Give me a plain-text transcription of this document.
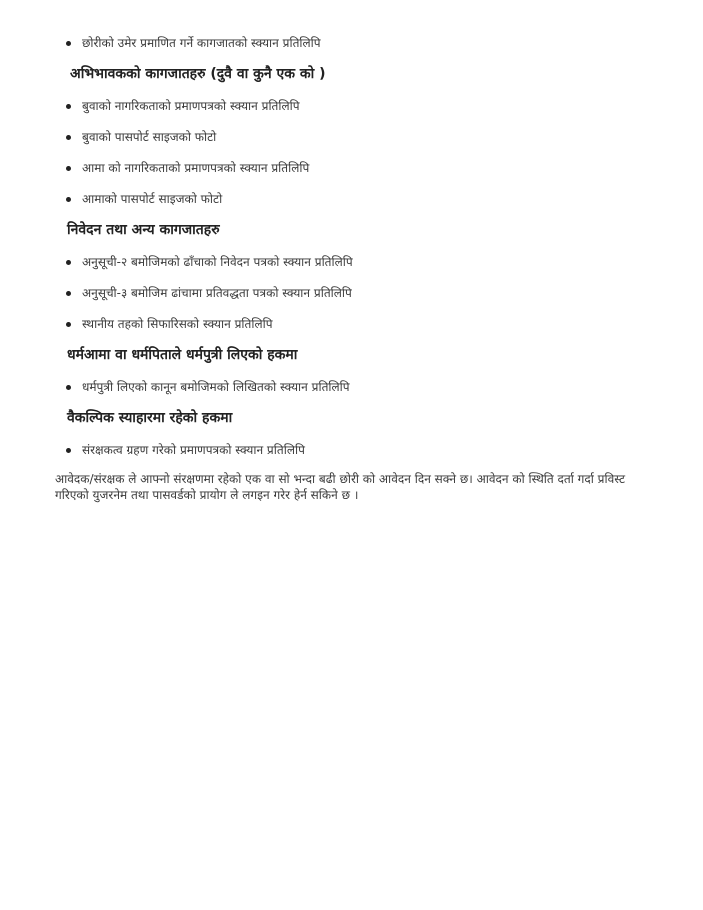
छोरीको उमेर प्रमाणित गर्ने कागजातको स्क्यान प्रतिलिपि
अभिभावकको कागजातहरु (दुवै वा कुनै एक को )
बुवाको नागरिकताको प्रमाणपत्रको स्क्यान प्रतिलिपि
बुवाको पासपोर्ट साइजको फोटो
आमा को नागरिकताको प्रमाणपत्रको स्क्यान प्रतिलिपि
आमाको पासपोर्ट साइजको फोटो
निवेदन तथा अन्य कागजातहरु
अनुसूची-२ बमोजिमको ढाँचाको निवेदन पत्रको स्क्यान प्रतिलिपि
अनुसूची-३ बमोजिम ढांचामा प्रतिवद्धता पत्रको स्क्यान प्रतिलिपि
स्थानीय तहको सिफारिसको स्क्यान प्रतिलिपि
धर्मआमा वा धर्मपिताले धर्मपुत्री लिएको हकमा
धर्मपुत्री लिएको कानून बमोजिमको लिखितको स्क्यान प्रतिलिपि
वैकल्पिक स्याहारमा रहेको हकमा
संरक्षकत्व ग्रहण गरेको प्रमाणपत्रको स्क्यान प्रतिलिपि
आवेदक/संरक्षक ले आफ्नो संरक्षणमा रहेको एक वा सो भन्दा बढी छोरी को आवेदन दिन सक्ने छ। आवेदन को स्थिति दर्ता गर्दा प्रविस्ट
गरिएको युजरनेम तथा पासवर्डको प्रायोग ले लगइन गरेर हेर्न सकिने छ ।
